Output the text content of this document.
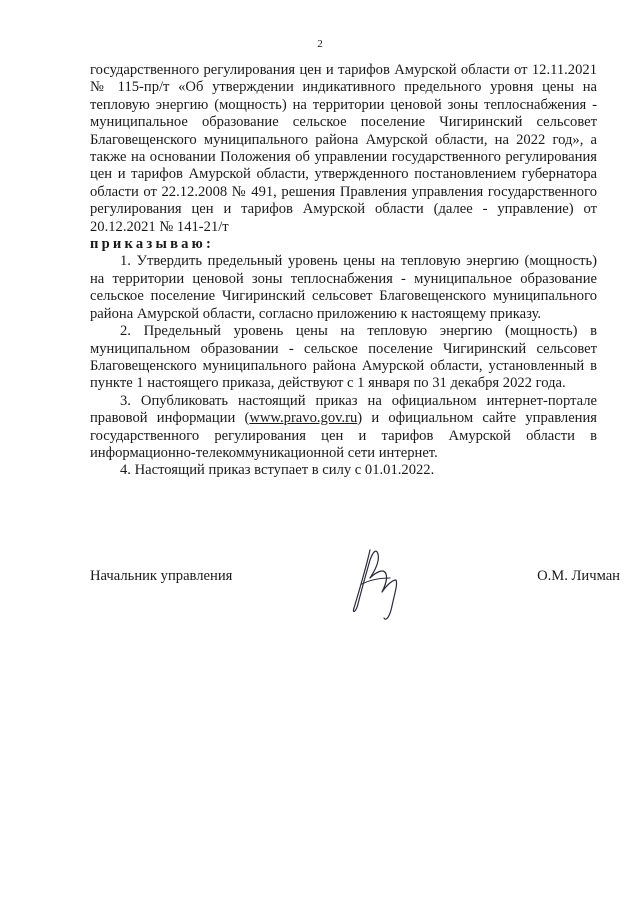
2

государственного регулирования цен и тарифов Амурской области от 12.11.2021 № 115-пр/т «Об утверждении индикативного предельного уровня цены на тепловую энергию (мощность) на территории ценовой зоны теплоснабжения - муниципальное образование сельское поселение Чигиринский сельсовет Благовещенского муниципального района Амурской области, на 2022 год», а также на основании Положения об управлении государственного регулирования цен и тарифов Амурской области, утвержденного постановлением губернатора области от 22.12.2008 № 491, решения Правления управления государственного регулирования цен и тарифов Амурской области (далее - управление) от 20.12.2021 № 141-21/т

приказываю:

1. Утвердить предельный уровень цены на тепловую энергию (мощность) на территории ценовой зоны теплоснабжения - муниципальное образование сельское поселение Чигиринский сельсовет Благовещенского муниципального района Амурской области, согласно приложению к настоящему приказу.

2. Предельный уровень цены на тепловую энергию (мощность) в муниципальном образовании - сельское поселение Чигиринский сельсовет Благовещенского муниципального района Амурской области, установленный в пункте 1 настоящего приказа, действуют с 1 января по 31 декабря 2022 года.

3. Опубликовать настоящий приказ на официальном интернет-портале правовой информации (www.pravo.gov.ru) и официальном сайте управления государственного регулирования цен и тарифов Амурской области в информационно-телекоммуникационной сети интернет.

4. Настоящий приказ вступает в силу с 01.01.2022.

Начальник управления	О.М. Личман
